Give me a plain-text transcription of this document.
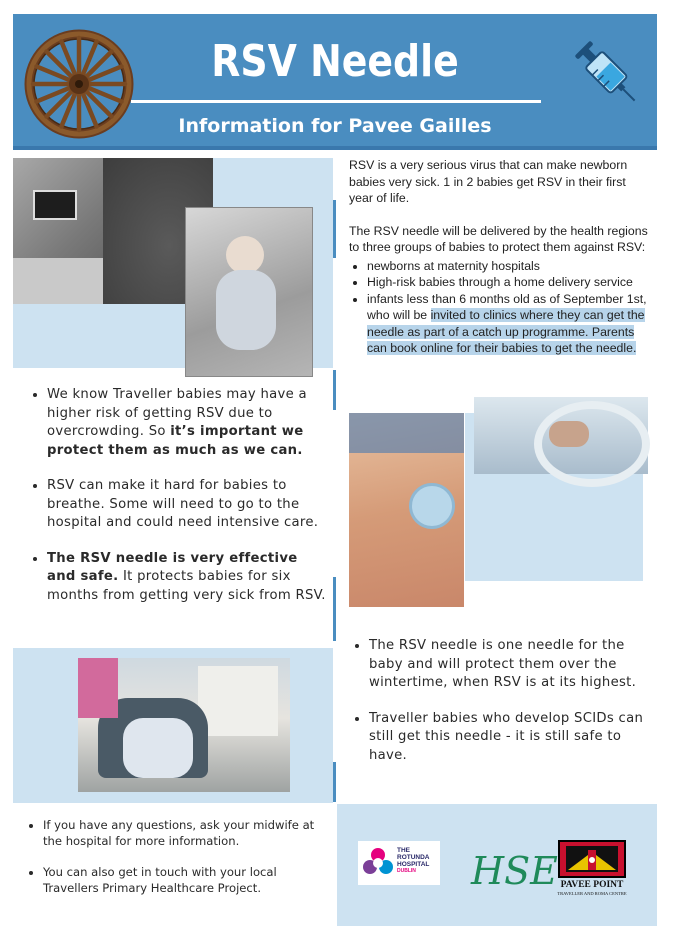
RSV Needle
Information for Pavee Gailles
RSV is a very serious virus that can make newborn babies very sick. 1 in 2 babies get RSV in their first year of life.
The RSV needle will be delivered by the health regions to three groups of babies to protect them against RSV:
• newborns at maternity hospitals
• High-risk babies through a home delivery service
• infants less than 6 months old as of September 1st, who will be invited to clinics where they can get the needle as part of a catch up programme. Parents can book online for their babies to get the needle.
• We know Traveller babies may have a higher risk of getting RSV due to overcrowding. So it’s important we protect them as much as we can.
• RSV can make it hard for babies to breathe. Some will need to go to the hospital and could need intensive care.
• The RSV needle is very effective and safe. It protects babies for six months from getting very sick from RSV.
• The RSV needle is one needle for the baby and will protect them over the wintertime, when RSV is at its highest.
• Traveller babies who develop SCIDs can still get this needle - it is still safe to have.
• If you have any questions, ask your midwife at the hospital for more information.
• You can also get in touch with your local Travellers Primary Healthcare Project.
THE
ROTUNDA
HOSPITAL
DUBLIN	HSE PAVEE POINT
TRAVELLER AND ROMA CENTRE
